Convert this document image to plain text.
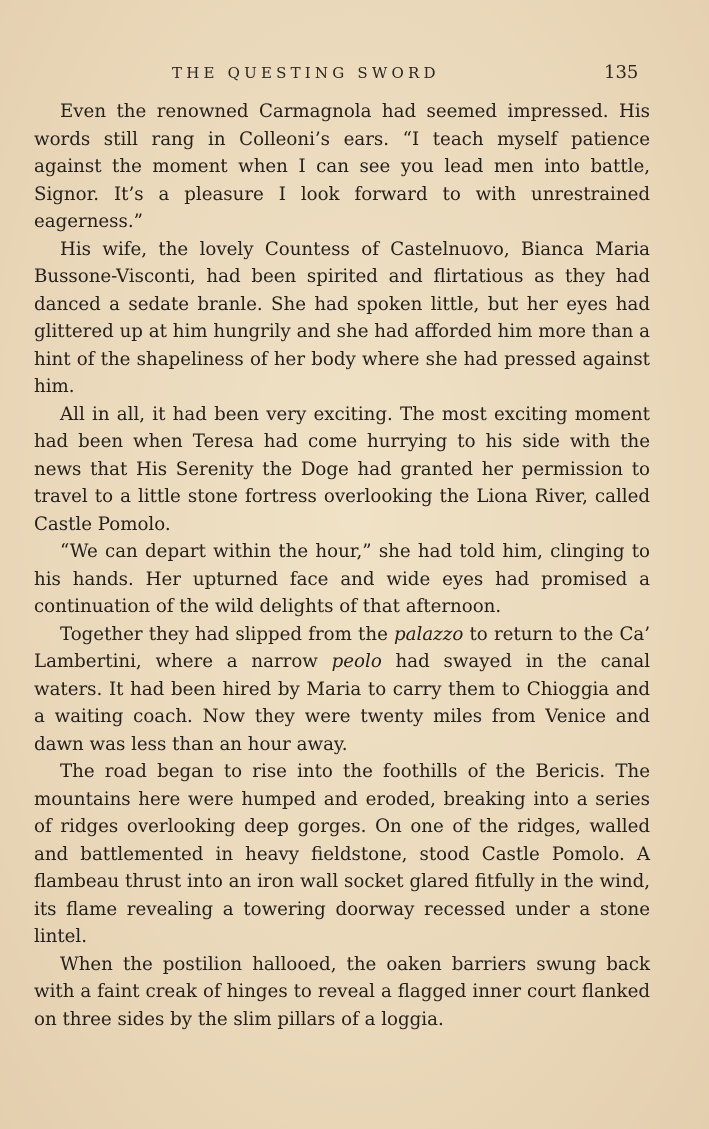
THE QUESTING SWORD	135

Even the renowned Carmagnola had seemed impressed. His words still rang in Colleoni’s ears. “I teach myself patience against the moment when I can see you lead men into battle, Signor. It’s a pleasure I look forward to with unrestrained eagerness.”

His wife, the lovely Countess of Castelnuovo, Bianca Maria Bussone-Visconti, had been spirited and flirtatious as they had danced a sedate branle. She had spoken little, but her eyes had glittered up at him hungrily and she had afforded him more than a hint of the shapeliness of her body where she had pressed against him.

All in all, it had been very exciting. The most exciting moment had been when Teresa had come hurrying to his side with the news that His Serenity the Doge had granted her permission to travel to a little stone fortress overlooking the Liona River, called Castle Pomolo.

“We can depart within the hour,” she had told him, clinging to his hands. Her upturned face and wide eyes had promised a continuation of the wild delights of that afternoon.

Together they had slipped from the palazzo to return to the Ca’ Lambertini, where a narrow peolo had swayed in the canal waters. It had been hired by Maria to carry them to Chioggia and a waiting coach. Now they were twenty miles from Venice and dawn was less than an hour away.

The road began to rise into the foothills of the Bericis. The mountains here were humped and eroded, breaking into a series of ridges overlooking deep gorges. On one of the ridges, walled and battlemented in heavy fieldstone, stood Castle Pomolo. A flambeau thrust into an iron wall socket glared fitfully in the wind, its flame revealing a towering doorway recessed under a stone lintel.

When the postilion hallooed, the oaken barriers swung back with a faint creak of hinges to reveal a flagged inner court flanked on three sides by the slim pillars of a loggia.
